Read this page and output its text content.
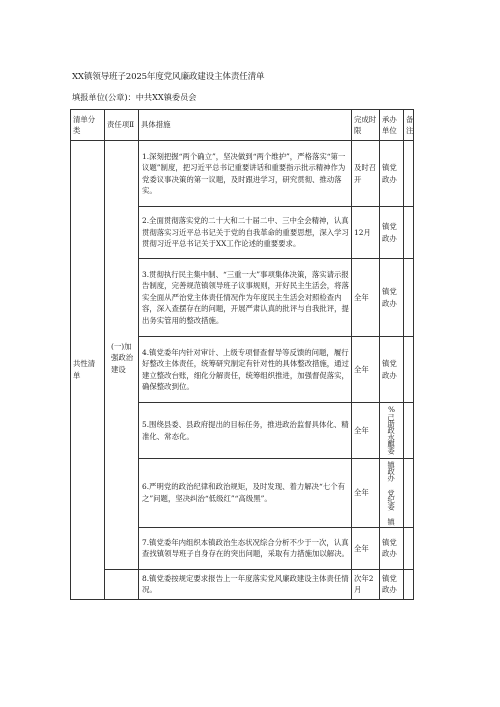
XX镇领导班子2025年度党风廉政建设主体责任清单
填报单位(公章)：中共XX镇委员会
清单分类	责任项Ⅱ	具体措施	完成时限	承办单位	备注
共性清单	(一)加强政治建设	1.深刻把握“两个确立”，坚决做到“两个维护”，严格落实“第一议题”制度，把习近平总书记重要讲话和重要指示批示精神作为党委议事决策的第一议题，及时跟进学习，研究贯彻、推动落实。	及时召开	镇党政办	
		2.全面贯彻落实党的二十大和二十届二中、三中全会精神，认真贯彻落实习近平总书记关于党的自我革命的重要思想，深入学习贯彻习近平总书记关于XX工作论述的重要要求。	12月	镇党政办	
		3.贯彻执行民主集中制、“三重一大”事项集体决策，落实请示报告制度，完善规范镇领导班子议事规则，开好民主生活会，将落实全面从严治党主体责任情况作为年度民主生活会对照检查内容，深入查摆存在的问题，开展严肃认真的批评与自我批评，提出务实管用的整改措施。	全年	镇党政办	
		4.镇党委年内针对审计、上级专项督查督导等反馈的问题，履行好整改主体责任，统筹研究制定有针对性的具体整改措施，通过建立整改台账，细化分解责任，统筹组织推进，加强督促落实，确保整改到位。	全年	镇党政办	
		5.围绕县委、县政府提出的目标任务，推进政治监督具体化、精准化、常态化。	全年	%己助政水麒委	
		6.严明党的政治纪律和政治规矩，及时发现、着力解决“七个有之”问题，坚决纠治“低级红”“高级黑”。	全年	镇政办 党纪委 镇	
		7.镇党委年内组织本镇政治生态状况综合分析不少于一次，认真查找镇领导班子自身存在的突出问题，采取有力措施加以解决。	全年	镇党政办	
		8.镇党委按规定要求报告上一年度落实党风廉政建设主体责任情况。	次年2月	镇党政办	
